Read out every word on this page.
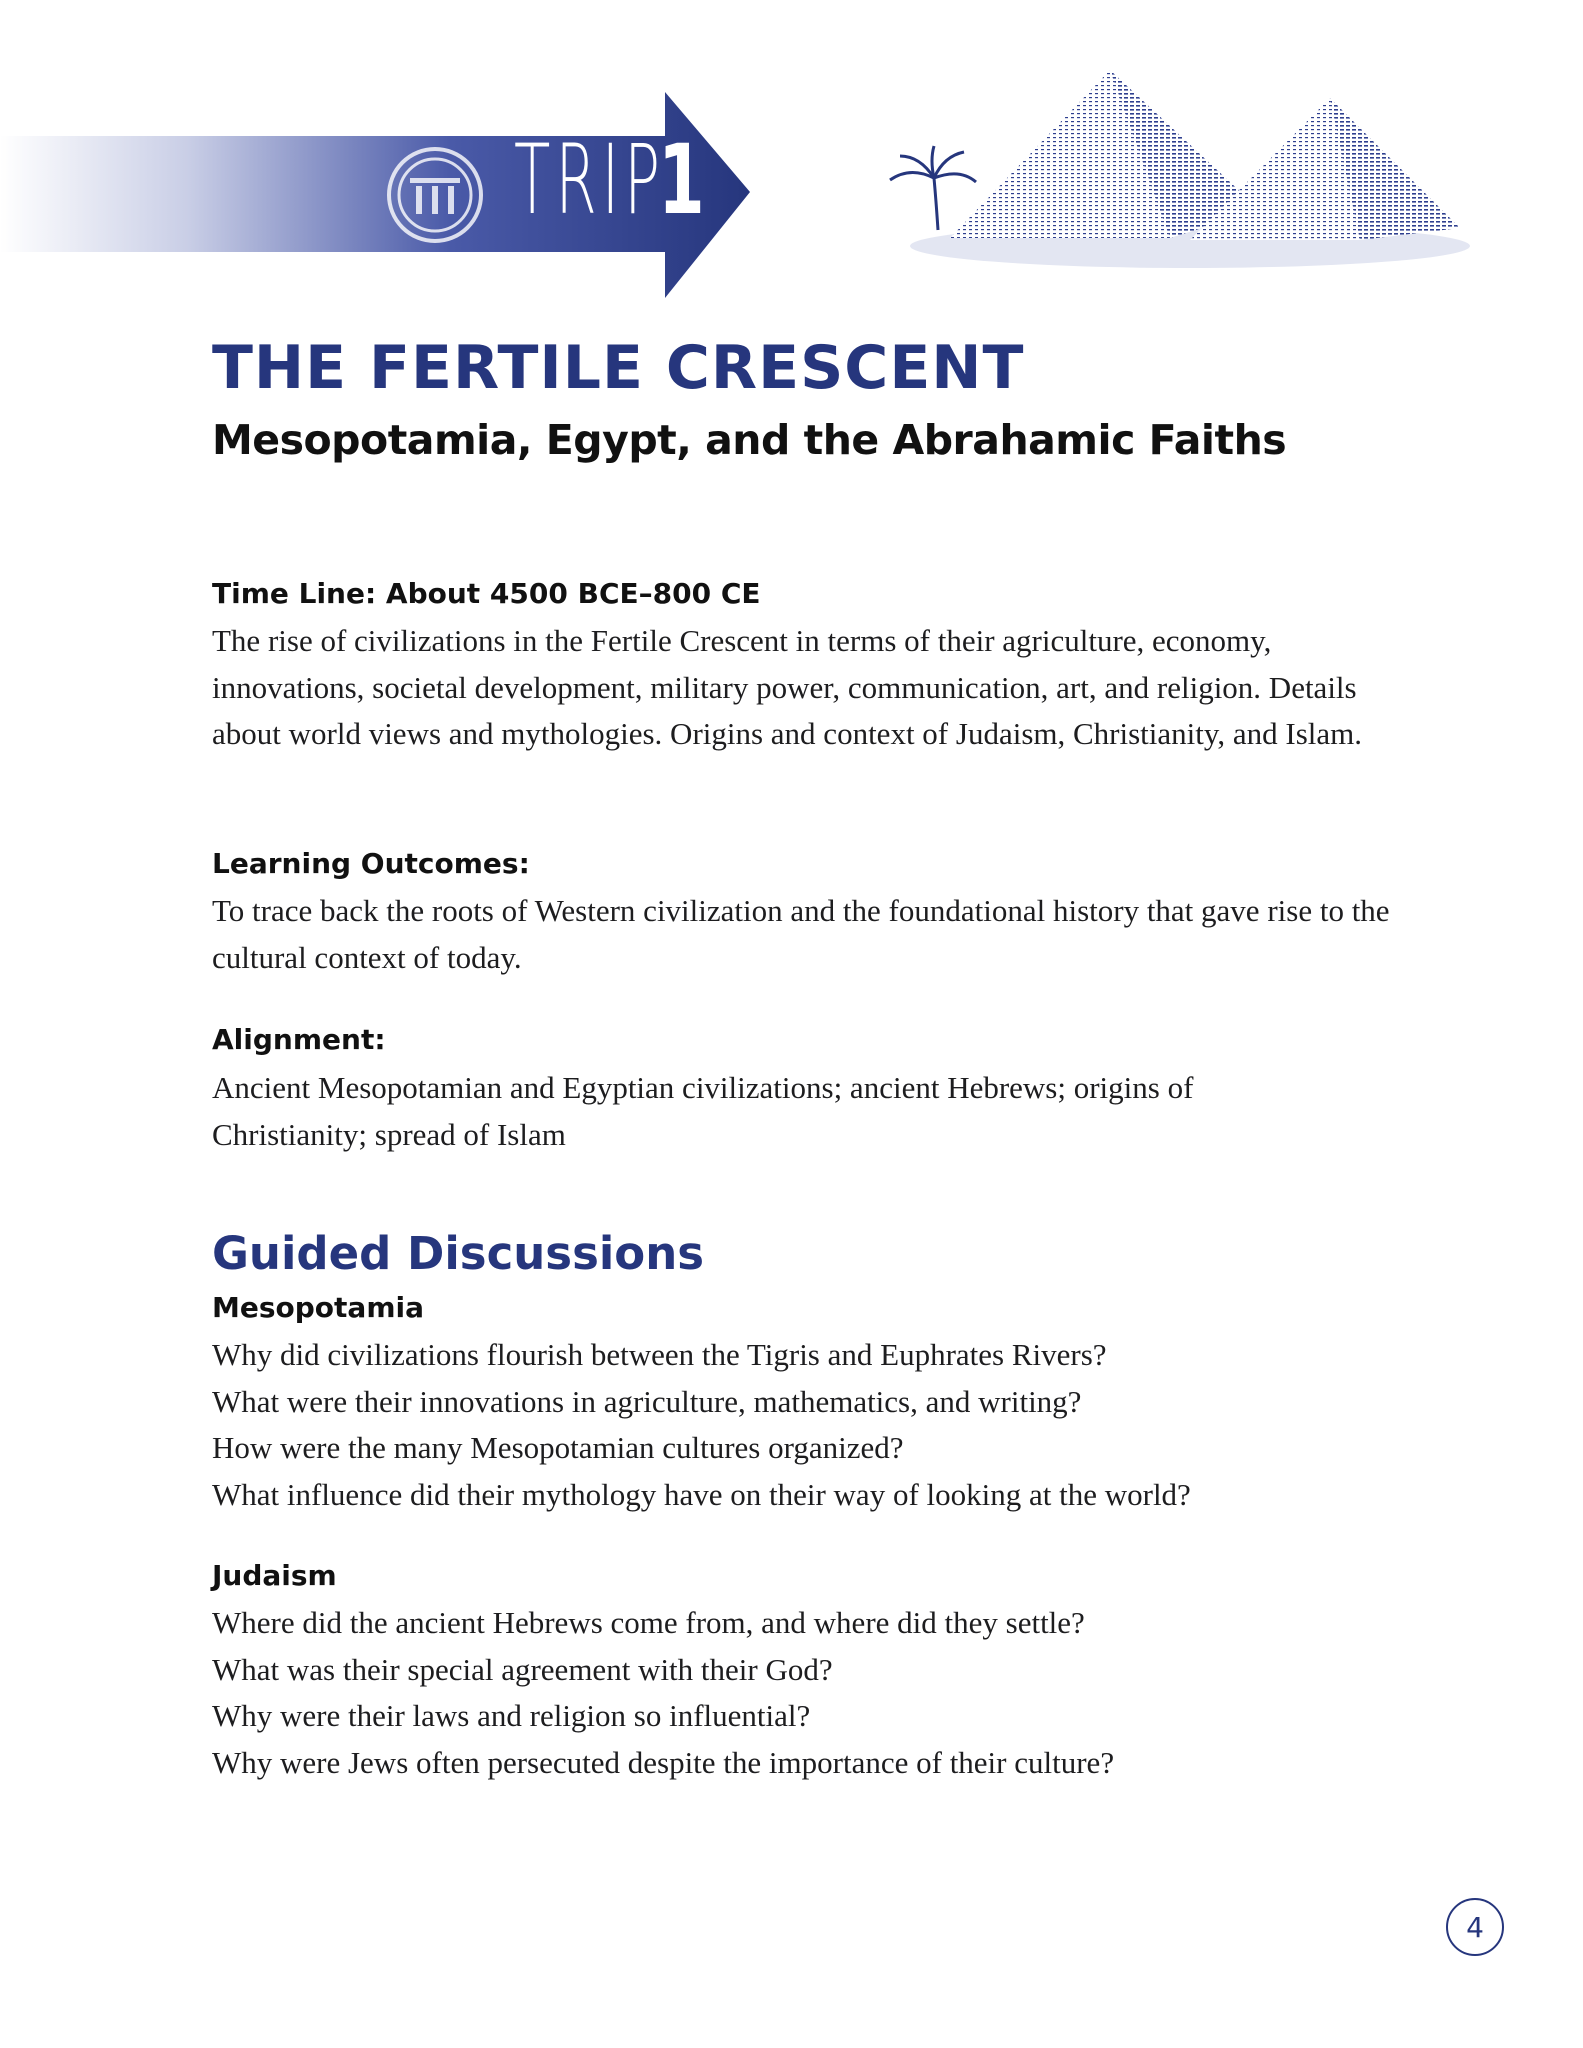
TRIP
1
THE FERTILE CRESCENT
Mesopotamia, Egypt, and the Abrahamic Faiths

Time Line: About 4500 BCE–800 CE

The rise of civilizations in the Fertile Crescent in terms of their agriculture, economy, innovations, societal development, military power, communication, art, and religion. Details about world views and mythologies. Origins and context of Judaism, Christianity, and Islam.

Learning Outcomes:

To trace back the roots of Western civilization and the foundational history that gave rise to the cultural context of today.

Alignment:

Ancient Mesopotamian and Egyptian civilizations; ancient Hebrews; origins of Christianity; spread of Islam

Guided Discussions

Mesopotamia

Why did civilizations flourish between the Tigris and Euphrates Rivers?
What were their innovations in agriculture, mathematics, and writing?
How were the many Mesopotamian cultures organized?
What influence did their mythology have on their way of looking at the world?

Judaism

Where did the ancient Hebrews come from, and where did they settle?
What was their special agreement with their God?
Why were their laws and religion so influential?
Why were Jews often persecuted despite the importance of their culture?
4
